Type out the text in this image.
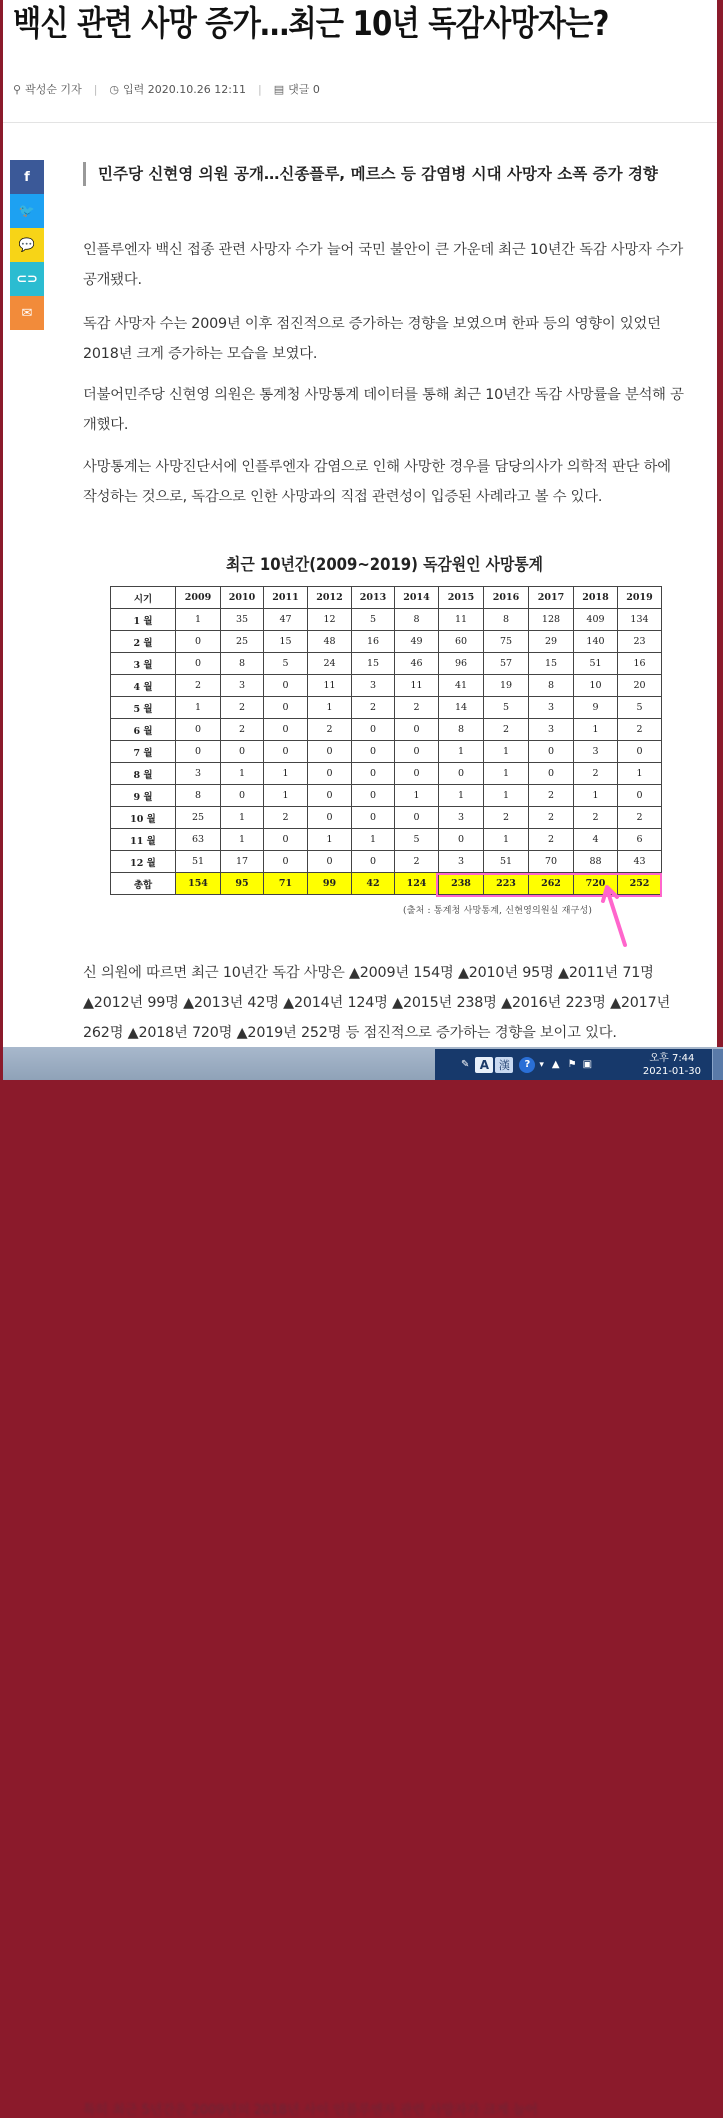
백신 관련 사망 증가…최근 10년 독감사망자는?
⚲ 곽성순 기자 | ◷ 입력 2020.10.26 12:11 | ▤ 댓글 0
f
🐦
💬
⊂⊃
✉
민주당 신현영 의원 공개…신종플루, 메르스 등 감염병 시대 사망자 소폭 증가 경향
인플루엔자 백신 접종 관련 사망자 수가 늘어 국민 불안이 큰 가운데 최근 10년간 독감 사망자 수가 공개됐다.
독감 사망자 수는 2009년 이후 점진적으로 증가하는 경향을 보였으며 한파 등의 영향이 있었던 2018년 크게 증가하는 모습을 보였다.
더불어민주당 신현영 의원은 통계청 사망통계 데이터를 통해 최근 10년간 독감 사망률을 분석해 공개했다.
사망통계는 사망진단서에 인플루엔자 감염으로 인해 사망한 경우를 담당의사가 의학적 판단 하에 작성하는 것으로, 독감으로 인한 사망과의 직접 관련성이 입증된 사례라고 볼 수 있다.
최근 10년간(2009~2019) 독감원인 사망통계
시기	2009	2010	2011	2012	2013	2014	2015	2016	2017	2018	2019
1 월	1	35	47	12	5	8	11	8	128	409	134
2 월	0	25	15	48	16	49	60	75	29	140	23
3 월	0	8	5	24	15	46	96	57	15	51	16
4 월	2	3	0	11	3	11	41	19	8	10	20
5 월	1	2	0	1	2	2	14	5	3	9	5
6 월	0	2	0	2	0	0	8	2	3	1	2
7 월	0	0	0	0	0	0	1	1	0	3	0
8 월	3	1	1	0	0	0	0	1	0	2	1
9 월	8	0	1	0	0	1	1	1	2	1	0
10 월	25	1	2	0	0	0	3	2	2	2	2
11 월	63	1	0	1	1	5	0	1	2	4	6
12 월	51	17	0	0	0	2	3	51	70	88	43
총합	154	95	71	99	42	124	238	223	262	720	252
(출처 : 통계청 사망통계, 신현영의원실 재구성)
신 의원에 따르면 최근 10년간 독감 사망은 ▲2009년 154명 ▲2010년 95명 ▲2011년 71명 ▲2012년 99명 ▲2013년 42명 ▲2014년 124명 ▲2015년 238명 ▲2016년 223명 ▲2017년 262명 ▲2018년 720명 ▲2019년 252명 등 점진적으로 증가하는 경향을 보이고 있다.
특히 최근 5년간은 2009년의 2018년 사이 인플루엔자 관련 사망자가 크게 늘어
✎ A 漢	?	▾ ▲ ⚑ ▣
오후 7:44
2021-01-30
